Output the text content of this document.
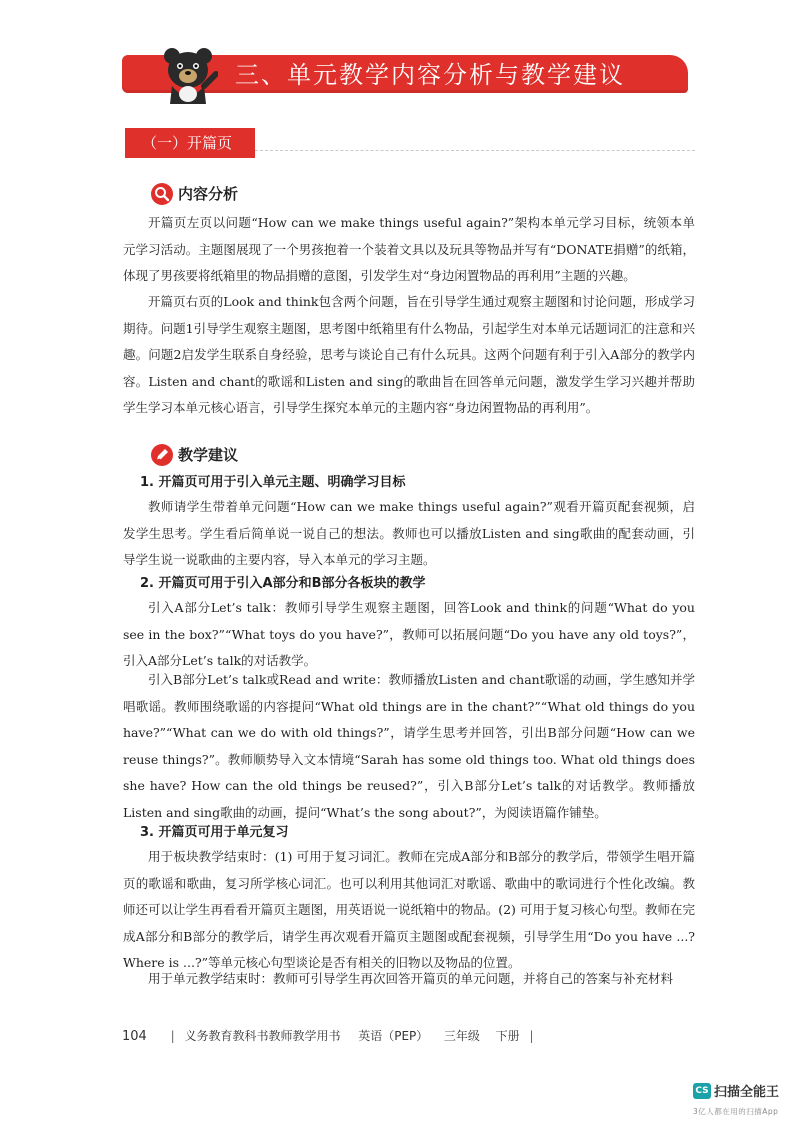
三、单元教学内容分析与教学建议
（一）开篇页
内容分析

开篇页左页以问题“How can we make things useful again?”架构本单元学习目标，统领本单元学习活动。主题图展现了一个男孩抱着一个装着文具以及玩具等物品并写有“DONATE捐赠”的纸箱，体现了男孩要将纸箱里的物品捐赠的意图，引发学生对“身边闲置物品的再利用”主题的兴趣。

开篇页右页的Look and think包含两个问题，旨在引导学生通过观察主题图和讨论问题，形成学习期待。问题1引导学生观察主题图，思考图中纸箱里有什么物品，引起学生对本单元话题词汇的注意和兴趣。问题2启发学生联系自身经验，思考与谈论自己有什么玩具。这两个问题有利于引入A部分的教学内容。Listen and chant的歌谣和Listen and sing的歌曲旨在回答单元问题，激发学生学习兴趣并帮助学生学习本单元核心语言，引导学生探究本单元的主题内容“身边闲置物品的再利用”。

教学建议
1. 开篇页可用于引入单元主题、明确学习目标

教师请学生带着单元问题“How can we make things useful again?”观看开篇页配套视频，启发学生思考。学生看后简单说一说自己的想法。教师也可以播放Listen and sing歌曲的配套动画，引导学生说一说歌曲的主要内容，导入本单元的学习主题。

2. 开篇页可用于引入A部分和B部分各板块的教学

引入A部分Let’s talk：教师引导学生观察主题图，回答Look and think的问题“What do you see in the box?”“What toys do you have?”，教师可以拓展问题“Do you have any old toys?”，引入A部分Let’s talk的对话教学。

引入B部分Let’s talk或Read and write：教师播放Listen and chant歌谣的动画，学生感知并学唱歌谣。教师围绕歌谣的内容提问“What old things are in the chant?”“What old things do you have?”“What can we do with old things?”，请学生思考并回答，引出B部分问题“How can we reuse things?”。教师顺势导入文本情境“Sarah has some old things too. What old things does she have? How can the old things be reused?”，引入B部分Let’s talk的对话教学。教师播放Listen and sing歌曲的动画，提问“What’s the song about?”，为阅读语篇作铺垫。

3. 开篇页可用于单元复习

用于板块教学结束时：(1) 可用于复习词汇。教师在完成A部分和B部分的教学后，带领学生唱开篇页的歌谣和歌曲，复习所学核心词汇。也可以利用其他词汇对歌谣、歌曲中的歌词进行个性化改编。教师还可以让学生再看看开篇页主题图，用英语说一说纸箱中的物品。(2) 可用于复习核心句型。教师在完成A部分和B部分的教学后，请学生再次观看开篇页主题图或配套视频，引导学生用“Do you have ...? Where is ...?”等单元核心句型谈论是否有相关的旧物以及物品的位置。

用于单元教学结束时：教师可引导学生再次回答开篇页的单元问题，并将自己的答案与补充材料

104 | 义务教育教科书教师教学用书 英语（PEP） 三年级 下册 |
CS 扫描全能王
3亿人都在用的扫描App
